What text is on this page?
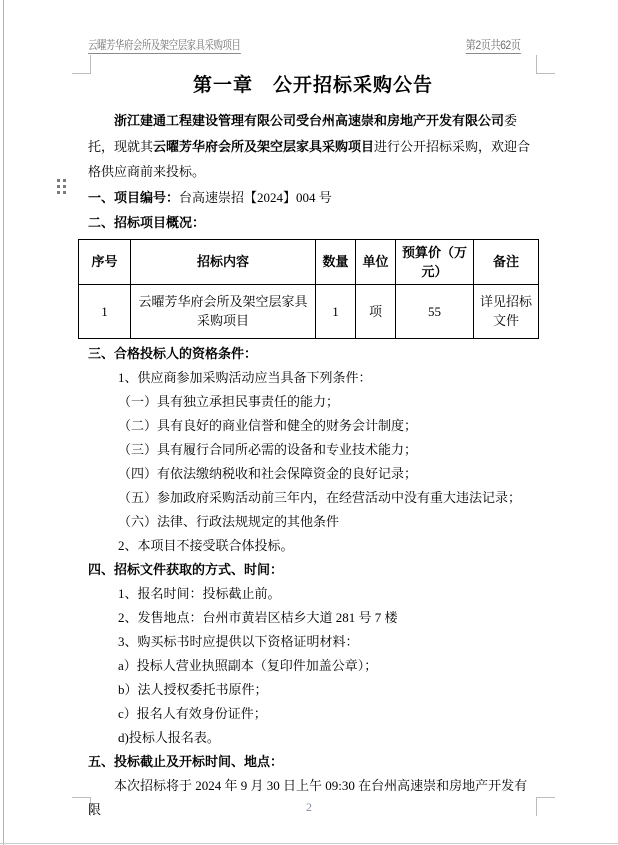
云曜芳华府会所及架空层家具采购项目	第2页共62页
第一章　公开招标采购公告

浙江建通工程建设管理有限公司受台州高速崇和房地产开发有限公司委托，现就其云曜芳华府会所及架空层家具采购项目进行公开招标采购，欢迎合格供应商前来投标。

一、项目编号：台高速崇招【2024】004 号

二、招标项目概况：

序号	招标内容	数量	单位	预算价（万元）	备注
1	云曜芳华府会所及架空层家具采购项目	1	项	55	详见招标文件

三、合格投标人的资格条件：

1、供应商参加采购活动应当具备下列条件：

（一）具有独立承担民事责任的能力；

（二）具有良好的商业信誉和健全的财务会计制度；

（三）具有履行合同所必需的设备和专业技术能力；

（四）有依法缴纳税收和社会保障资金的良好记录；

（五）参加政府采购活动前三年内，在经营活动中没有重大违法记录；

（六）法律、行政法规规定的其他条件

2、本项目不接受联合体投标。

四、招标文件获取的方式、时间：

1、报名时间：投标截止前。

2、发售地点：台州市黄岩区桔乡大道 281 号 7 楼

3、购买标书时应提供以下资格证明材料：

a）投标人营业执照副本（复印件加盖公章）；

b）法人授权委托书原件；

c）报名人有效身份证件；

d)投标人报名表。

五、投标截止及开标时间、地点：

本次招标将于 2024 年 9 月 30 日上午 09:30 在台州高速崇和房地产开发有限	2
